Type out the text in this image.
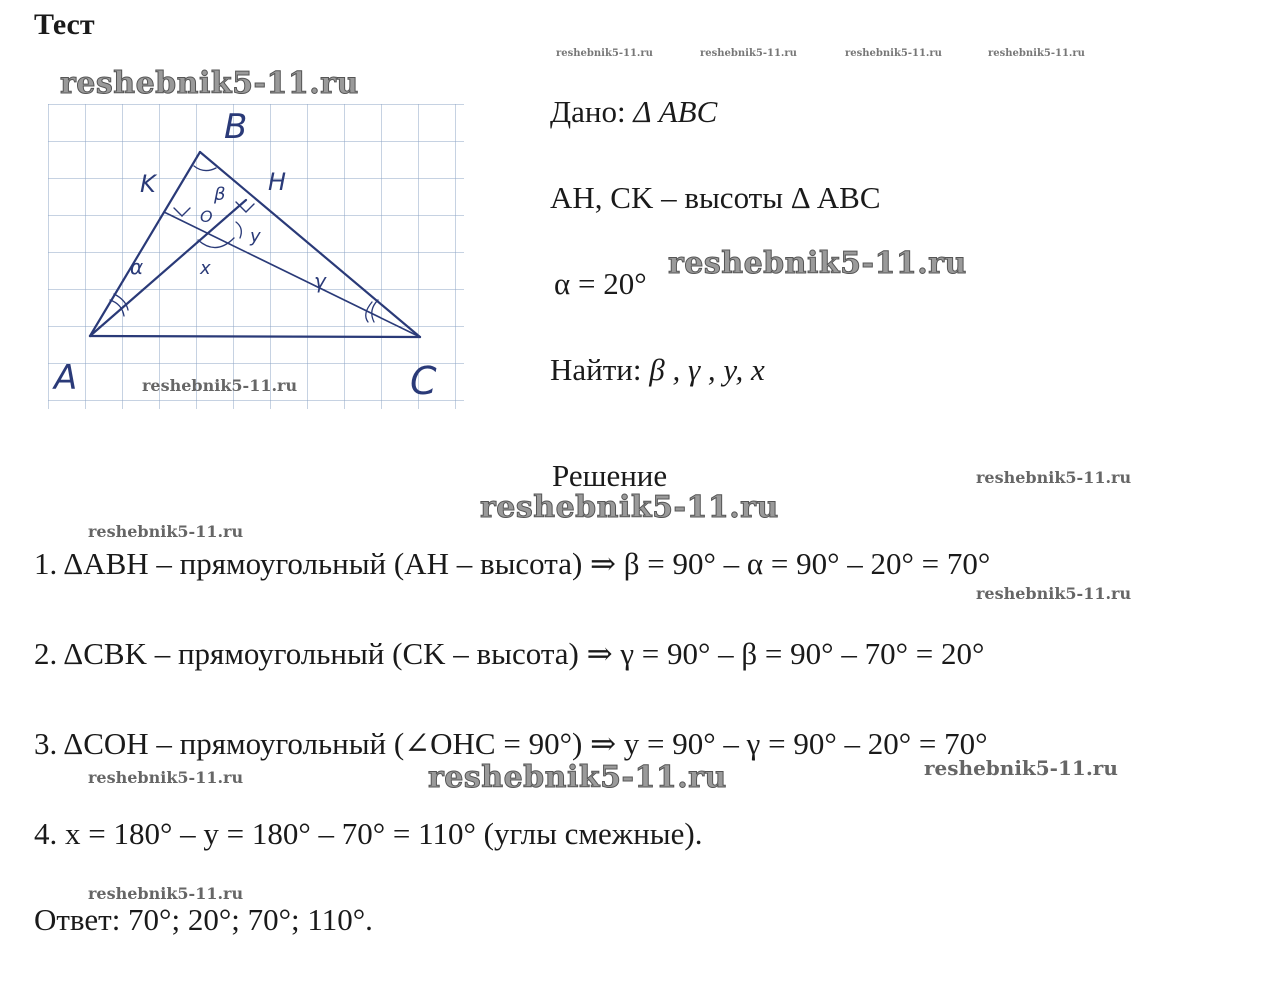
Тест
reshebnik5-11.ru	reshebnik5-11.ru	reshebnik5-11.ru	reshebnik5-11.ru
A
B
C
K	H
O
α
β
γ
x
y
reshebnik5-11.ru
reshebnik5-11.ru
Дано: Δ ABC
AH, CK – высоты Δ ABC
α = 20°
reshebnik5-11.ru
Найти: β , γ , y, x
Решение	reshebnik5-11.ru
reshebnik5-11.ru
reshebnik5-11.ru
1. ΔABH – прямоугольный (AH – высота) ⇒ β = 90° – α = 90° – 20° = 70°
reshebnik5-11.ru
2. ΔCBK – прямоугольный (CK – высота) ⇒ γ = 90° – β = 90° – 70° = 20°
3. ΔCOH – прямоугольный (∠OHC = 90°) ⇒ y = 90° – γ = 90° – 20° = 70°
reshebnik5-11.ru	reshebnik5-11.ru	reshebnik5-11.ru
4. x = 180° – y = 180° – 70° = 110° (углы смежные).
reshebnik5-11.ru
Ответ: 70°; 20°; 70°; 110°.
